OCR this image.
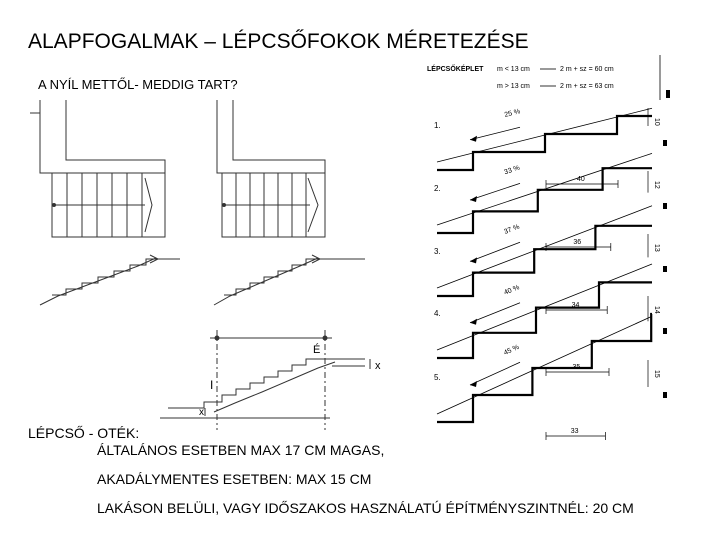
ALAPFOGALMAK – LÉPCSŐFOKOK MÉRETEZÉSE
A NYÍL METTŐL- MEDDIG TART?
É
I
x
x
LÉPCSŐKÉPLET m < 13 cm	2 m + sz = 60 cm
m > 13 cm	2 m + sz = 63 cm
25 %
1.
40
10
33 %
2.
36
12
37 %
3.
34
13
40 %
4.
35
14
45 %
5.
33
15
LÉPCSŐ - OTÉK:
ÁLTALÁNOS ESETBEN MAX 17 CM MAGAS,
AKADÁLYMENTES ESETBEN: MAX 15 CM
LAKÁSON BELÜLI, VAGY IDŐSZAKOS HASZNÁLATÚ ÉPÍTMÉNYSZINTNÉL: 20 CM
